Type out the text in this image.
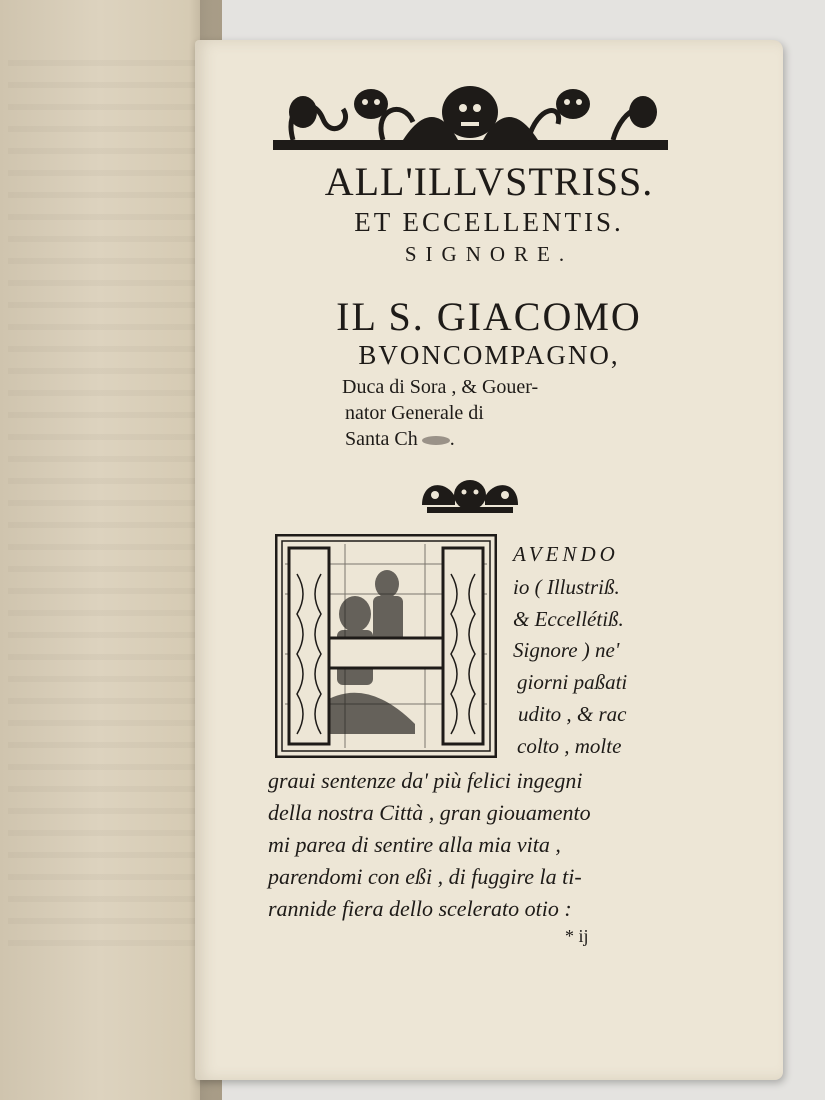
ALL'ILLVSTRISS.
ET ECCELLENTIS.
SIGNORE.
IL S. GIACOMO
BVONCOMPAGNO,
Duca di Sora , & Gouer-
nator Generale di
Santa Ch .
AVENDO
io ( Illustriß.
& Eccellétiß.
Signore ) ne'
giorni paßati
udito , & rac
colto , molte
graui sentenze da' più felici ingegni
della nostra Città , gran giouamento
mi parea di sentire alla mia vita ,
parendomi con eßi , di fuggire la ti-
rannide fiera dello scelerato otio :
* ij
